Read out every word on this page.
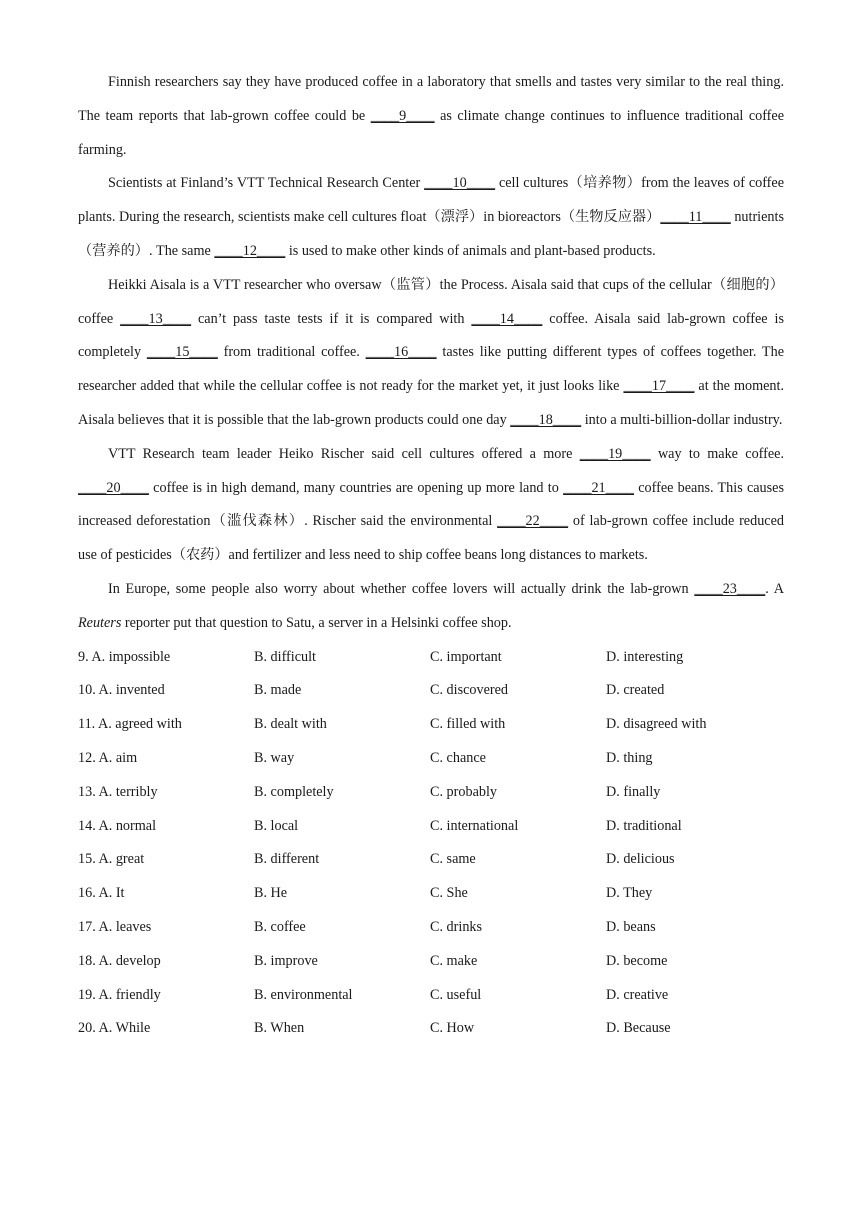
Finnish researchers say they have produced coffee in a laboratory that smells and tastes very similar to the real thing. The team reports that lab-grown coffee could be ____9____ as climate change continues to influence traditional coffee farming.

Scientists at Finland’s VTT Technical Research Center ____10____ cell cultures（培养物）from the leaves of coffee plants. During the research, scientists make cell cultures float（漂浮）in bioreactors（生物反应器）____11____ nutrients（营养的）. The same ____12____ is used to make other kinds of animals and plant-based products.

Heikki Aisala is a VTT researcher who oversaw（监管）the Process. Aisala said that cups of the cellular（细胞的）coffee ____13____ can’t pass taste tests if it is compared with ____14____ coffee. Aisala said lab-grown coffee is completely ____15____ from traditional coffee. ____16____ tastes like putting different types of coffees together. The researcher added that while the cellular coffee is not ready for the market yet, it just looks like ____17____ at the moment. Aisala believes that it is possible that the lab-grown products could one day ____18____ into a multi-billion-dollar industry.

VTT Research team leader Heiko Rischer said cell cultures offered a more ____19____ way to make coffee. ____20____ coffee is in high demand, many countries are opening up more land to ____21____ coffee beans. This causes increased deforestation（滥伐森林）. Rischer said the environmental ____22____ of lab-grown coffee include reduced use of pesticides（农药）and fertilizer and less need to ship coffee beans long distances to markets.

In Europe, some people also worry about whether coffee lovers will actually drink the lab-grown ____23____. A Reuters reporter put that question to Satu, a server in a Helsinki coffee shop.

9. A. impossible	B. difficult	C. important	D. interesting
10. A. invented	B. made	C. discovered	D. created
11. A. agreed with	B. dealt with	C. filled with	D. disagreed with
12. A. aim	B. way	C. chance	D. thing
13. A. terribly	B. completely	C. probably	D. finally
14. A. normal	B. local	C. international	D. traditional
15. A. great	B. different	C. same	D. delicious
16. A. It	B. He	C. She	D. They
17. A. leaves	B. coffee	C. drinks	D. beans
18. A. develop	B. improve	C. make	D. become
19. A. friendly	B. environmental	C. useful	D. creative
20. A. While	B. When	C. How	D. Because
